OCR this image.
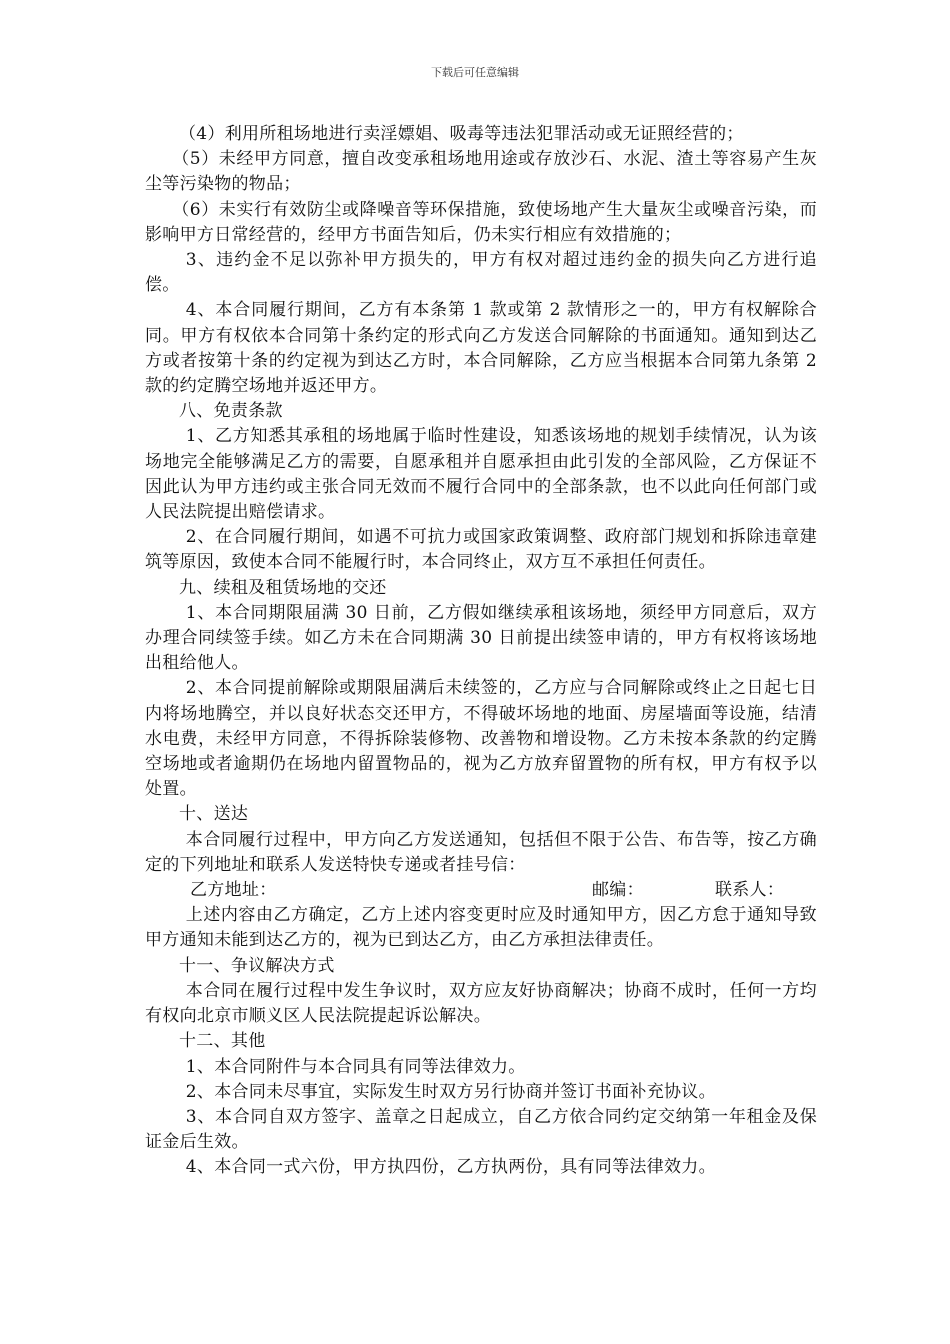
下载后可任意编辑

（4）利用所租场地进行卖淫嫖娼、吸毒等违法犯罪活动或无证照经营的；

（5）未经甲方同意，擅自改变承租场地用途或存放沙石、水泥、渣土等容易产生灰尘等污染物的物品；

（6）未实行有效防尘或降噪音等环保措施，致使场地产生大量灰尘或噪音污染，而影响甲方日常经营的，经甲方书面告知后，仍未实行相应有效措施的；

3、违约金不足以弥补甲方损失的，甲方有权对超过违约金的损失向乙方进行追偿。

4、本合同履行期间，乙方有本条第 1 款或第 2 款情形之一的，甲方有权解除合同。甲方有权依本合同第十条约定的形式向乙方发送合同解除的书面通知。通知到达乙方或者按第十条的约定视为到达乙方时，本合同解除，乙方应当根据本合同第九条第 2 款的约定腾空场地并返还甲方。

八、免责条款

1、乙方知悉其承租的场地属于临时性建设，知悉该场地的规划手续情况，认为该场地完全能够满足乙方的需要，自愿承租并自愿承担由此引发的全部风险，乙方保证不因此认为甲方违约或主张合同无效而不履行合同中的全部条款，也不以此向任何部门或人民法院提出赔偿请求。

2、在合同履行期间，如遇不可抗力或国家政策调整、政府部门规划和拆除违章建筑等原因，致使本合同不能履行时，本合同终止，双方互不承担任何责任。

九、续租及租赁场地的交还

1、本合同期限届满 30 日前，乙方假如继续承租该场地，须经甲方同意后，双方办理合同续签手续。如乙方未在合同期满 30 日前提出续签申请的，甲方有权将该场地出租给他人。

2、本合同提前解除或期限届满后未续签的，乙方应与合同解除或终止之日起七日内将场地腾空，并以良好状态交还甲方，不得破坏场地的地面、房屋墙面等设施，结清水电费，未经甲方同意，不得拆除装修物、改善物和增设物。乙方未按本条款的约定腾空场地或者逾期仍在场地内留置物品的，视为乙方放弃留置物的所有权，甲方有权予以处置。

十、送达

本合同履行过程中，甲方向乙方发送通知，包括但不限于公告、布告等，按乙方确定的下列地址和联系人发送特快专递或者挂号信：

乙方地址：	邮编：	联系人：

上述内容由乙方确定，乙方上述内容变更时应及时通知甲方，因乙方怠于通知导致甲方通知未能到达乙方的，视为已到达乙方，由乙方承担法律责任。

十一、争议解决方式

本合同在履行过程中发生争议时，双方应友好协商解决；协商不成时，任何一方均有权向北京市顺义区人民法院提起诉讼解决。

十二、其他

1、本合同附件与本合同具有同等法律效力。

2、本合同未尽事宜，实际发生时双方另行协商并签订书面补充协议。

3、本合同自双方签字、盖章之日起成立，自乙方依合同约定交纳第一年租金及保证金后生效。

4、本合同一式六份，甲方执四份，乙方执两份，具有同等法律效力。
